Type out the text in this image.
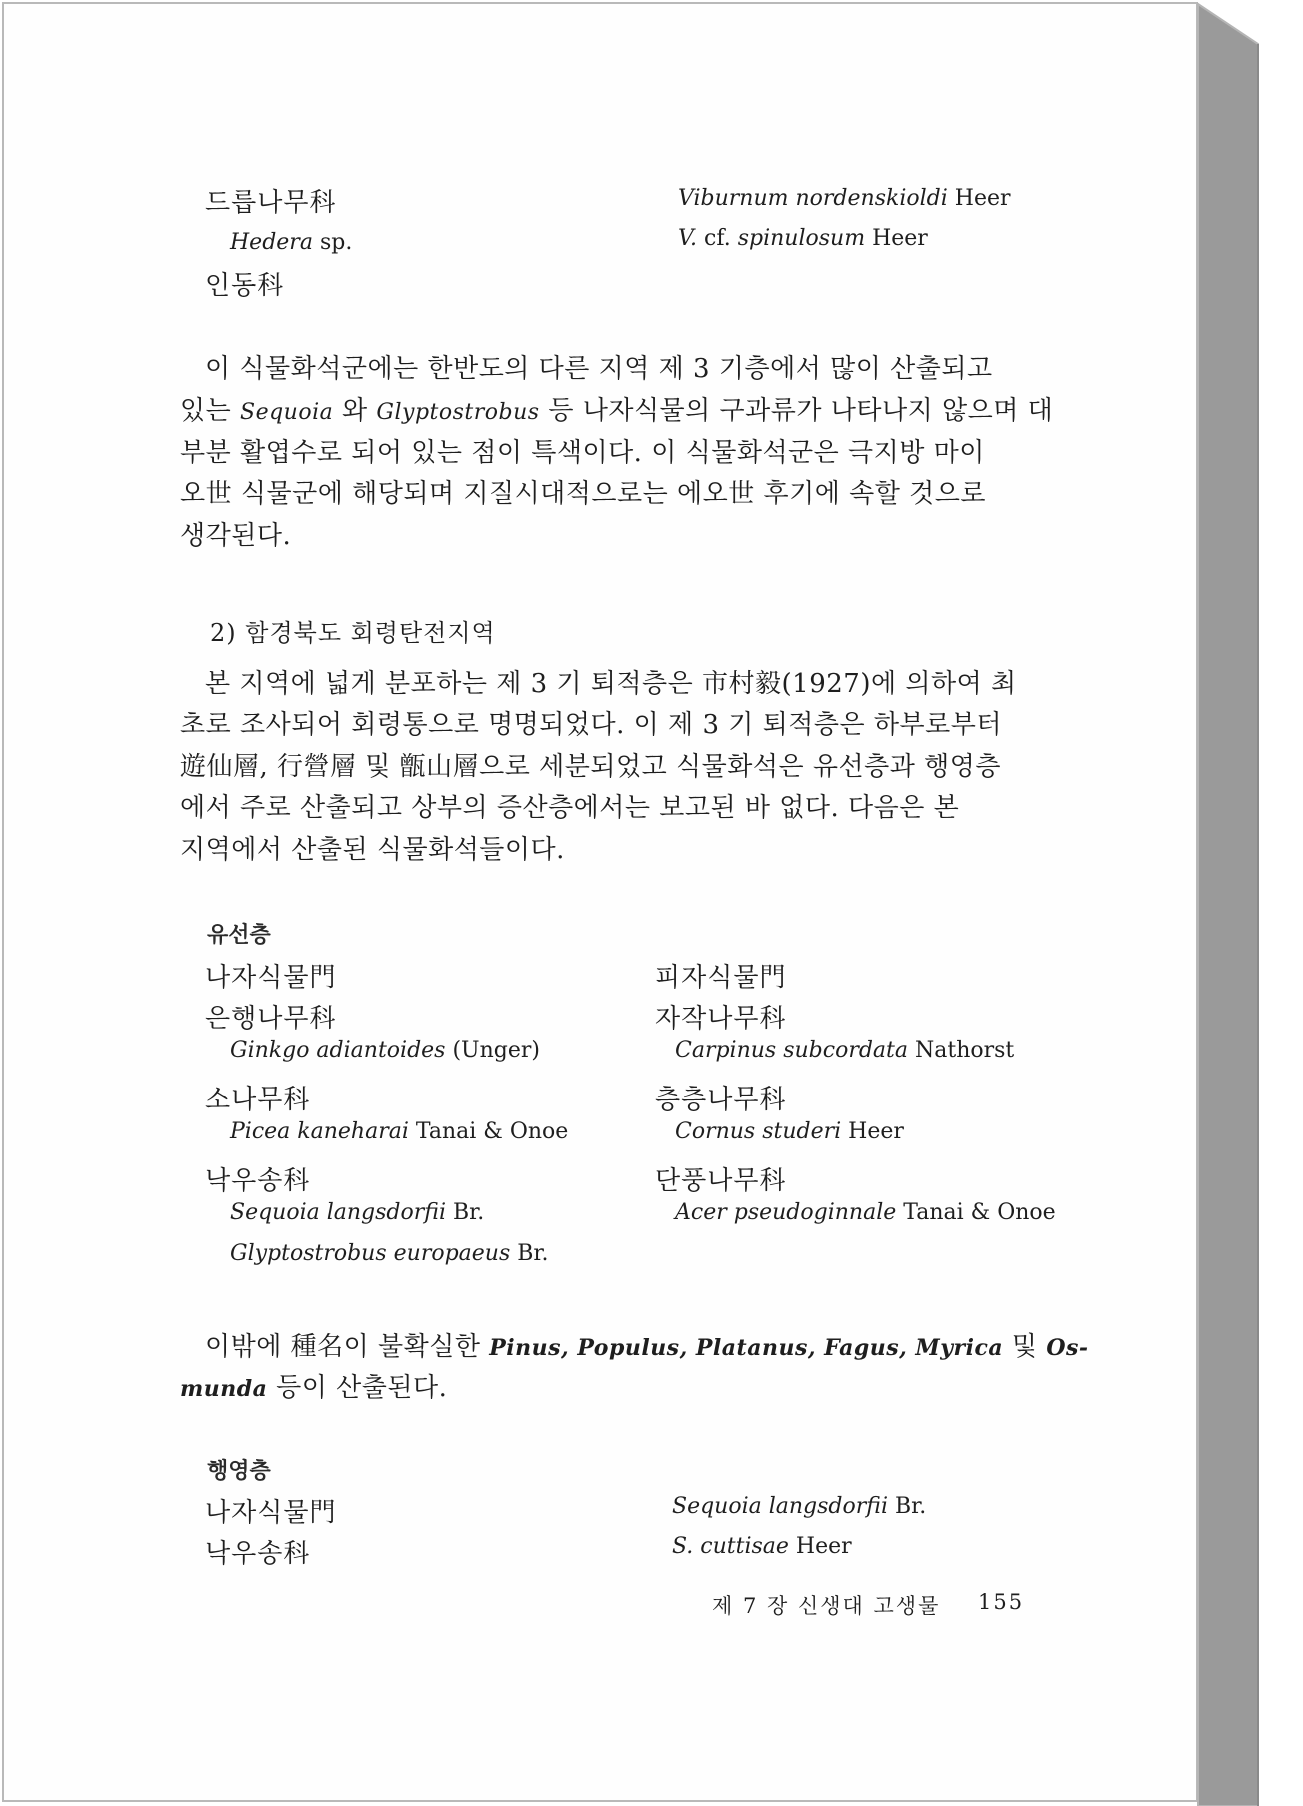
드릅나무科
Hedera sp.
인동科
Viburnum nordenskioldi Heer
V. cf. spinulosum Heer
이 식물화석군에는 한반도의 다른 지역 제 3 기층에서 많이 산출되고
있는 Sequoia 와 Glyptostrobus 등 나자식물의 구과류가 나타나지 않으며 대
부분 활엽수로 되어 있는 점이 특색이다. 이 식물화석군은 극지방 마이
오世 식물군에 해당되며 지질시대적으로는 에오世 후기에 속할 것으로
생각된다.
2) 함경북도 회령탄전지역
본 지역에 넓게 분포하는 제 3 기 퇴적층은 市村毅(1927)에 의하여 최
초로 조사되어 회령통으로 명명되었다. 이 제 3 기 퇴적층은 하부로부터
遊仙層, 行營層 및 甑山層으로 세분되었고 식물화석은 유선층과 행영층
에서 주로 산출되고 상부의 증산층에서는 보고된 바 없다. 다음은 본
지역에서 산출된 식물화석들이다.
유선층
나자식물門
은행나무科
Ginkgo adiantoides (Unger)
소나무科
Picea kaneharai Tanai & Onoe
낙우송科
Sequoia langsdorfii Br.
Glyptostrobus europaeus Br.
피자식물門
자작나무科
Carpinus subcordata Nathorst
층층나무科
Cornus studeri Heer
단풍나무科
Acer pseudoginnale Tanai & Onoe
이밖에 種名이 불확실한 Pinus, Populus, Platanus, Fagus, Myrica 및 Os-
munda 등이 산출된다.
행영층
나자식물門
낙우송科
Sequoia langsdorfii Br.
S. cuttisae Heer
제 7 장 신생대 고생물 155
